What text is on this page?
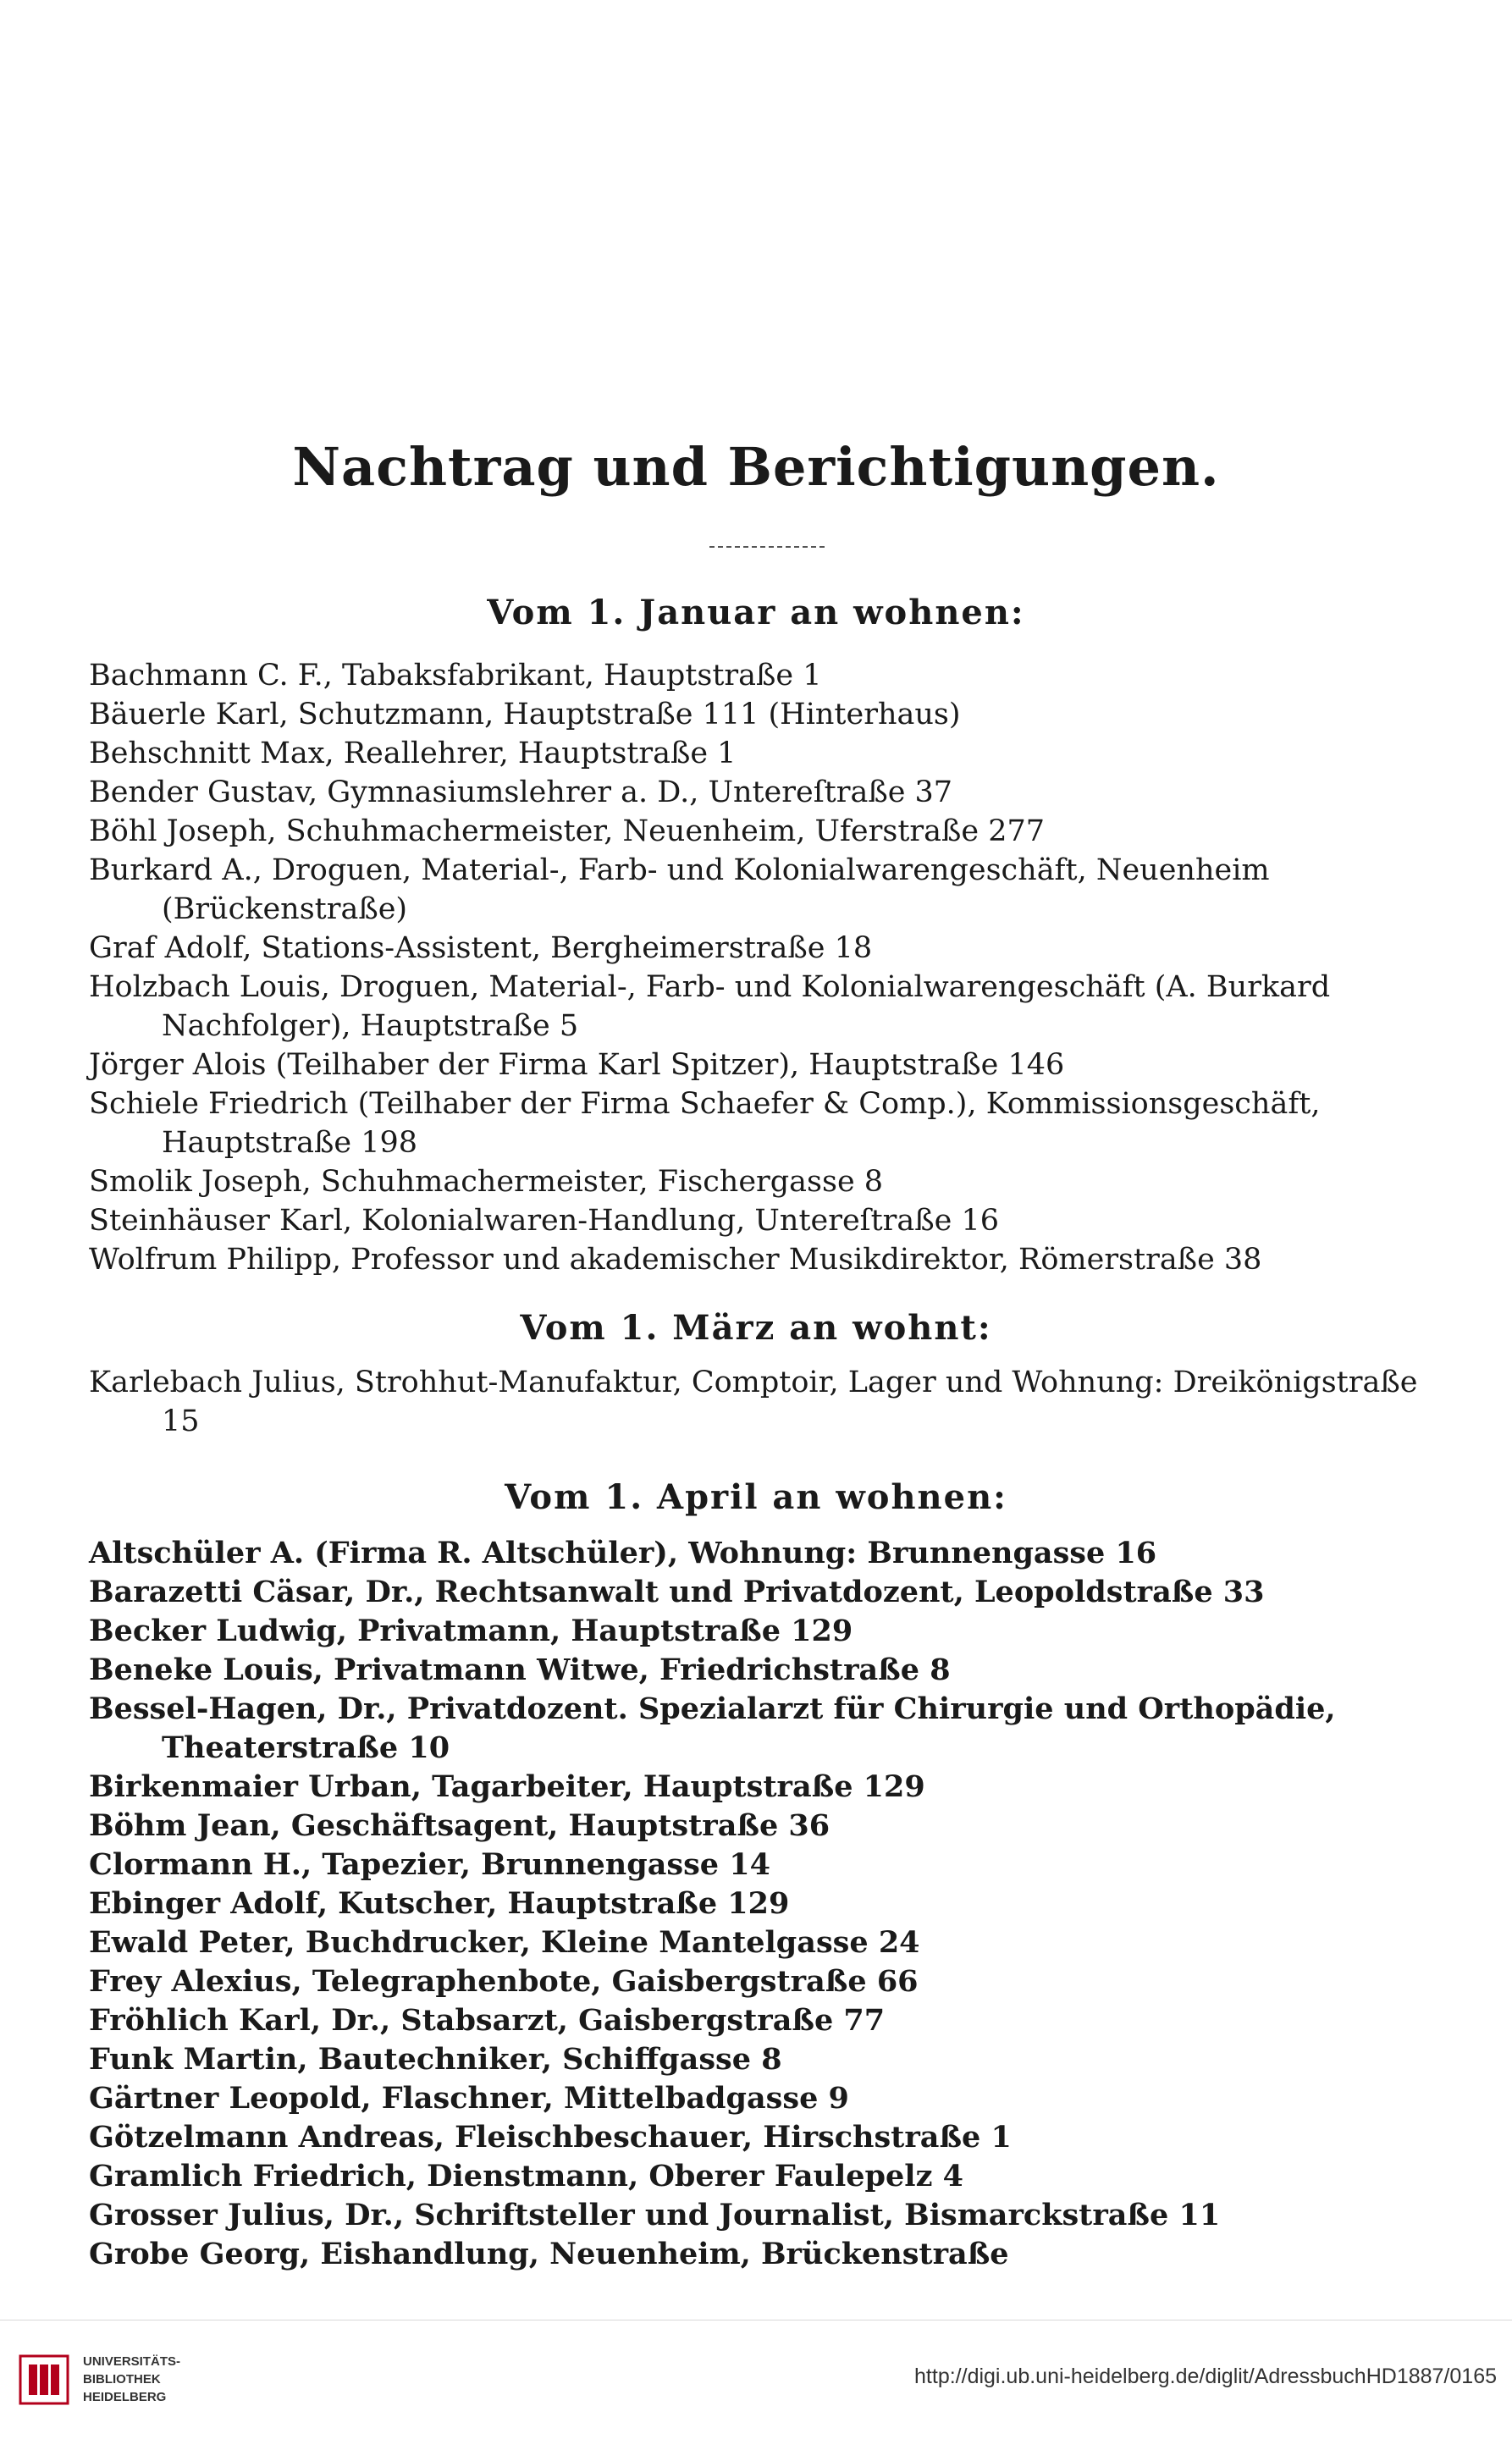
Nachtrag und Berichtigungen.
Vom 1. Januar an wohnen:

Bachmann C. F., Tabaksfabrikant, Hauptstraße 1

Bäuerle Karl, Schutzmann, Hauptstraße 111 (Hinterhaus)

Behschnitt Max, Reallehrer, Hauptstraße 1

Bender Gustav, Gymnasiumslehrer a. D., Untereſtraße 37

Böhl Joseph, Schuhmachermeister, Neuenheim, Uferstraße 277

Burkard A., Droguen, Material-, Farb- und Kolonialwarengeschäft, Neuenheim (Brückenstraße)

Graf Adolf, Stations-Assistent, Bergheimerstraße 18

Holzbach Louis, Droguen, Material-, Farb- und Kolonialwarengeschäft (A. Burkard Nachfolger), Hauptstraße 5

Jörger Alois (Teilhaber der Firma Karl Spitzer), Hauptstraße 146

Schiele Friedrich (Teilhaber der Firma Schaefer & Comp.), Kommissionsgeschäft, Hauptstraße 198

Smolik Joseph, Schuhmachermeister, Fischergasse 8

Steinhäuser Karl, Kolonialwaren-Handlung, Untereſtraße 16

Wolfrum Philipp, Professor und akademischer Musikdirektor, Römerstraße 38

Vom 1. März an wohnt:

Karlebach Julius, Strohhut-Manufaktur, Comptoir, Lager und Wohnung: Dreikönigstraße 15

Vom 1. April an wohnen:

Altschüler A. (Firma R. Altschüler), Wohnung: Brunnengasse 16

Barazetti Cäsar, Dr., Rechtsanwalt und Privatdozent, Leopoldstraße 33

Becker Ludwig, Privatmann, Hauptstraße 129

Beneke Louis, Privatmann Witwe, Friedrichstraße 8

Bessel-Hagen, Dr., Privatdozent. Spezialarzt für Chirurgie und Orthopädie, Theaterstraße 10

Birkenmaier Urban, Tagarbeiter, Hauptstraße 129

Böhm Jean, Geschäftsagent, Hauptstraße 36

Clormann H., Tapezier, Brunnengasse 14

Ebinger Adolf, Kutscher, Hauptstraße 129

Ewald Peter, Buchdrucker, Kleine Mantelgasse 24

Frey Alexius, Telegraphenbote, Gaisbergstraße 66

Fröhlich Karl, Dr., Stabsarzt, Gaisbergstraße 77

Funk Martin, Bautechniker, Schiffgasse 8

Gärtner Leopold, Flaschner, Mittelbadgasse 9

Götzelmann Andreas, Fleischbeschauer, Hirschstraße 1

Gramlich Friedrich, Dienstmann, Oberer Faulepelz 4

Grosser Julius, Dr., Schriftsteller und Journalist, Bismarckstraße 11

Grobe Georg, Eishandlung, Neuenheim, Brückenstraße

UNIVERSITÄTS-
BIBLIOTHEK
HEIDELBERG
http://digi.ub.uni-heidelberg.de/diglit/AdressbuchHD1887/0165
